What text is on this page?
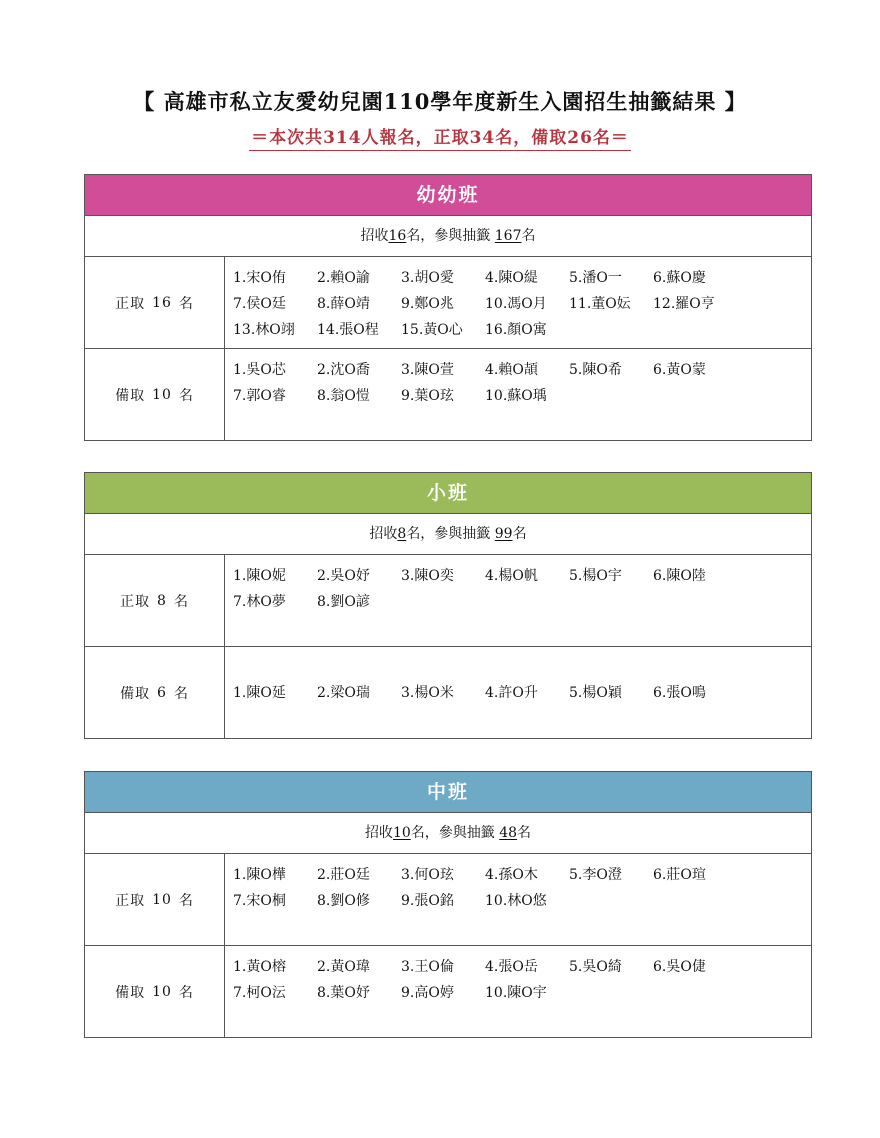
【 高雄市私立友愛幼兒園110學年度新生入園招生抽籤結果 】
＝本次共314人報名，正取34名，備取26名＝
幼幼班
招收16名，參與抽籤 167名
正取 16 名
1.宋O侑	2.賴O諭	3.胡O愛	4.陳O緹	5.潘O一	6.蘇O慶
7.侯O廷	8.薛O靖	9.鄭O兆	10.馮O月	11.董O妘	12.羅O亨
13.林O翊	14.張O程	15.黃O心	16.顏O寓
備取 10 名
1.吳O芯	2.沈O喬	3.陳O萱	4.賴O頡	5.陳O希	6.黃O蒙
7.郭O睿	8.翁O愷	9.葉O玹	10.蘇O瑀
小班
招收8名，參與抽籤 99名
正取 8 名
1.陳O妮	2.吳O妤	3.陳O奕	4.楊O帆	5.楊O宇	6.陳O陸
7.林O夢	8.劉O諺
備取 6 名	1.陳O延	2.梁O瑞	3.楊O米	4.許O升	5.楊O穎	6.張O鳴
中班
招收10名，參與抽籤 48名
正取 10 名
1.陳O樺	2.莊O廷	3.何O玹	4.孫O木	5.李O澄	6.莊O瑄
7.宋O桐	8.劉O修	9.張O銘	10.林O悠
備取 10 名
1.黃O榕	2.黃O瑋	3.王O倫	4.張O岳	5.吳O綺	6.吳O倢
7.柯O沄	8.葉O妤	9.高O婷	10.陳O宇
